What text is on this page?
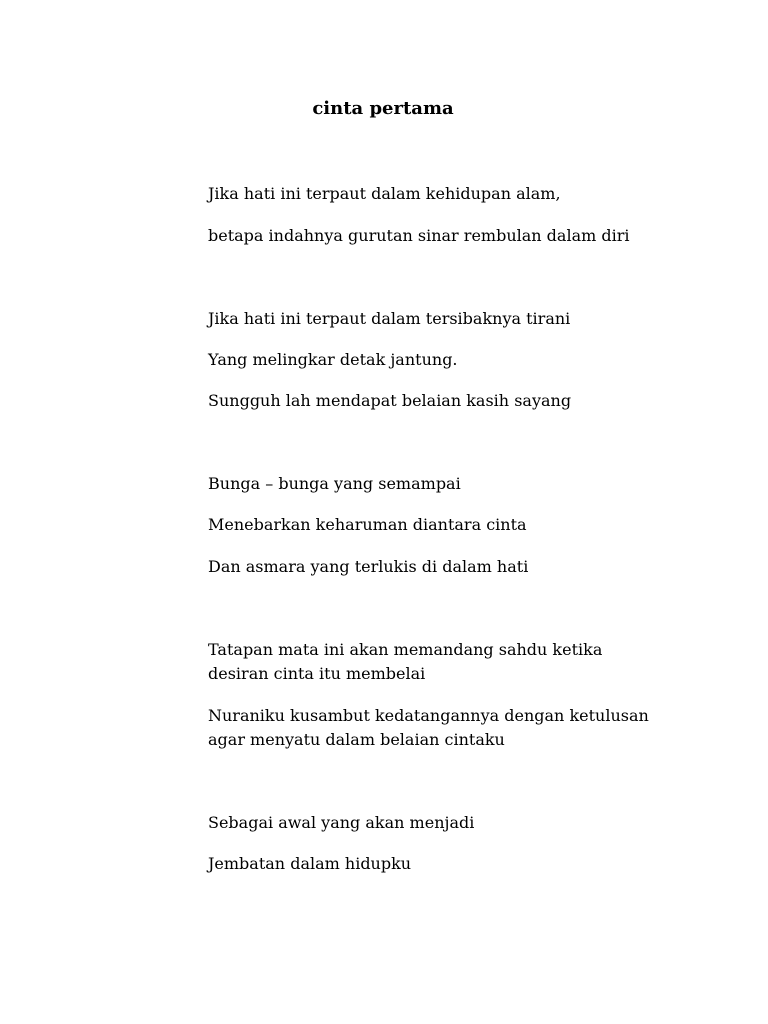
cinta pertama
Jika hati ini terpaut dalam kehidupan alam,
betapa indahnya gurutan sinar rembulan dalam diri
Jika hati ini terpaut dalam tersibaknya tirani
Yang melingkar detak jantung.
Sungguh lah mendapat belaian kasih sayang
Bunga – bunga yang semampai
Menebarkan keharuman diantara cinta
Dan asmara yang terlukis di dalam hati
Tatapan mata ini akan memandang sahdu ketika desiran cinta itu membelai
Nuraniku kusambut kedatangannya dengan ketulusan agar menyatu dalam belaian cintaku
Sebagai awal yang akan menjadi
Jembatan dalam hidupku
